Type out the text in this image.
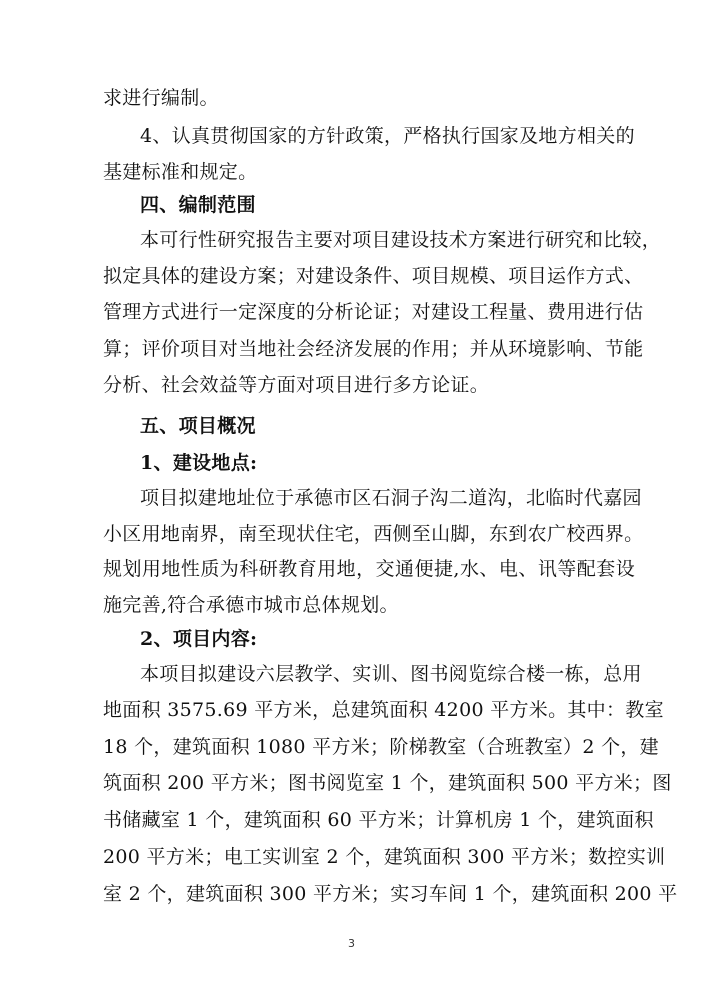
求进行编制。
4、认真贯彻国家的方针政策，严格执行国家及地方相关的
基建标准和规定。
四、编制范围
本可行性研究报告主要对项目建设技术方案进行研究和比较，
拟定具体的建设方案；对建设条件、项目规模、项目运作方式、
管理方式进行一定深度的分析论证；对建设工程量、费用进行估
算；评价项目对当地社会经济发展的作用；并从环境影响、节能
分析、社会效益等方面对项目进行多方论证。
五、项目概况
1、建设地点:
项目拟建地址位于承德市区石洞子沟二道沟，北临时代嘉园
小区用地南界，南至现状住宅，西侧至山脚，东到农广校西界。
规划用地性质为科研教育用地，交通便捷,水、电、讯等配套设
施完善,符合承德市城市总体规划。
2、项目内容:
本项目拟建设六层教学、实训、图书阅览综合楼一栋，总用
地面积 3575.69 平方米，总建筑面积 4200 平方米。其中：教室
18 个，建筑面积 1080 平方米；阶梯教室（合班教室）2 个，建
筑面积 200 平方米；图书阅览室 1 个，建筑面积 500 平方米；图
书储藏室 1 个，建筑面积 60 平方米；计算机房 1 个，建筑面积
200 平方米；电工实训室 2 个，建筑面积 300 平方米；数控实训
室 2 个，建筑面积 300 平方米；实习车间 1 个，建筑面积 200 平
3
